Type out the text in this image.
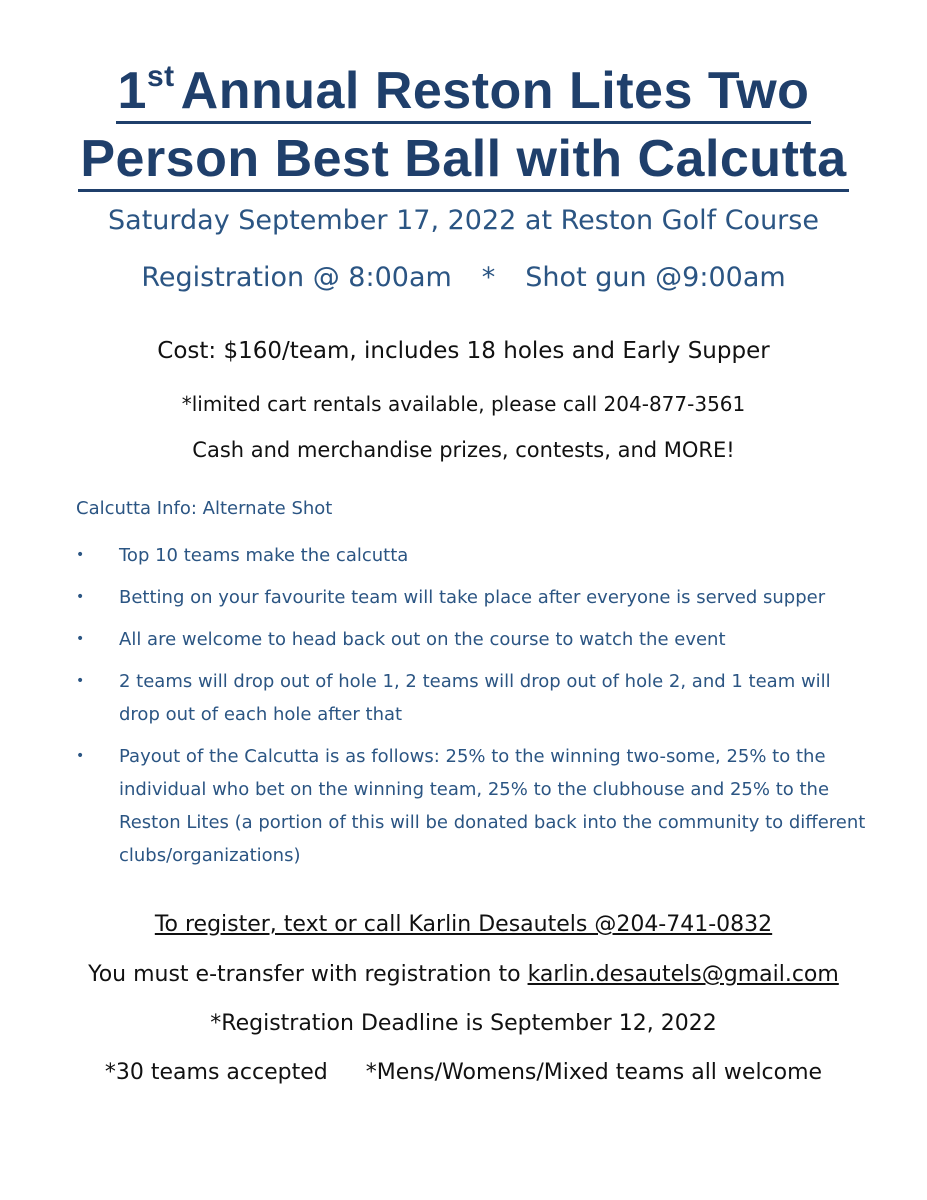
1st Annual Reston Lites Two
Person Best Ball with Calcutta
Saturday September 17, 2022 at Reston Golf Course
Registration @ 8:00am * Shot gun @9:00am
Cost: $160/team, includes 18 holes and Early Supper
*limited cart rentals available, please call 204-877-3561
Cash and merchandise prizes, contests, and MORE!
Calcutta Info: Alternate Shot
• Top 10 teams make the calcutta
• Betting on your favourite team will take place after everyone is served supper
• All are welcome to head back out on the course to watch the event
• 2 teams will drop out of hole 1, 2 teams will drop out of hole 2, and 1 team will drop out of each hole after that
• Payout of the Calcutta is as follows: 25% to the winning two-some, 25% to the individual who bet on the winning team, 25% to the clubhouse and 25% to the Reston Lites (a portion of this will be donated back into the community to different clubs/organizations)
To register, text or call Karlin Desautels @204-741-0832
You must e-transfer with registration to karlin.desautels@gmail.com
*Registration Deadline is September 12, 2022
*30 teams accepted *Mens/Womens/Mixed teams all welcome
